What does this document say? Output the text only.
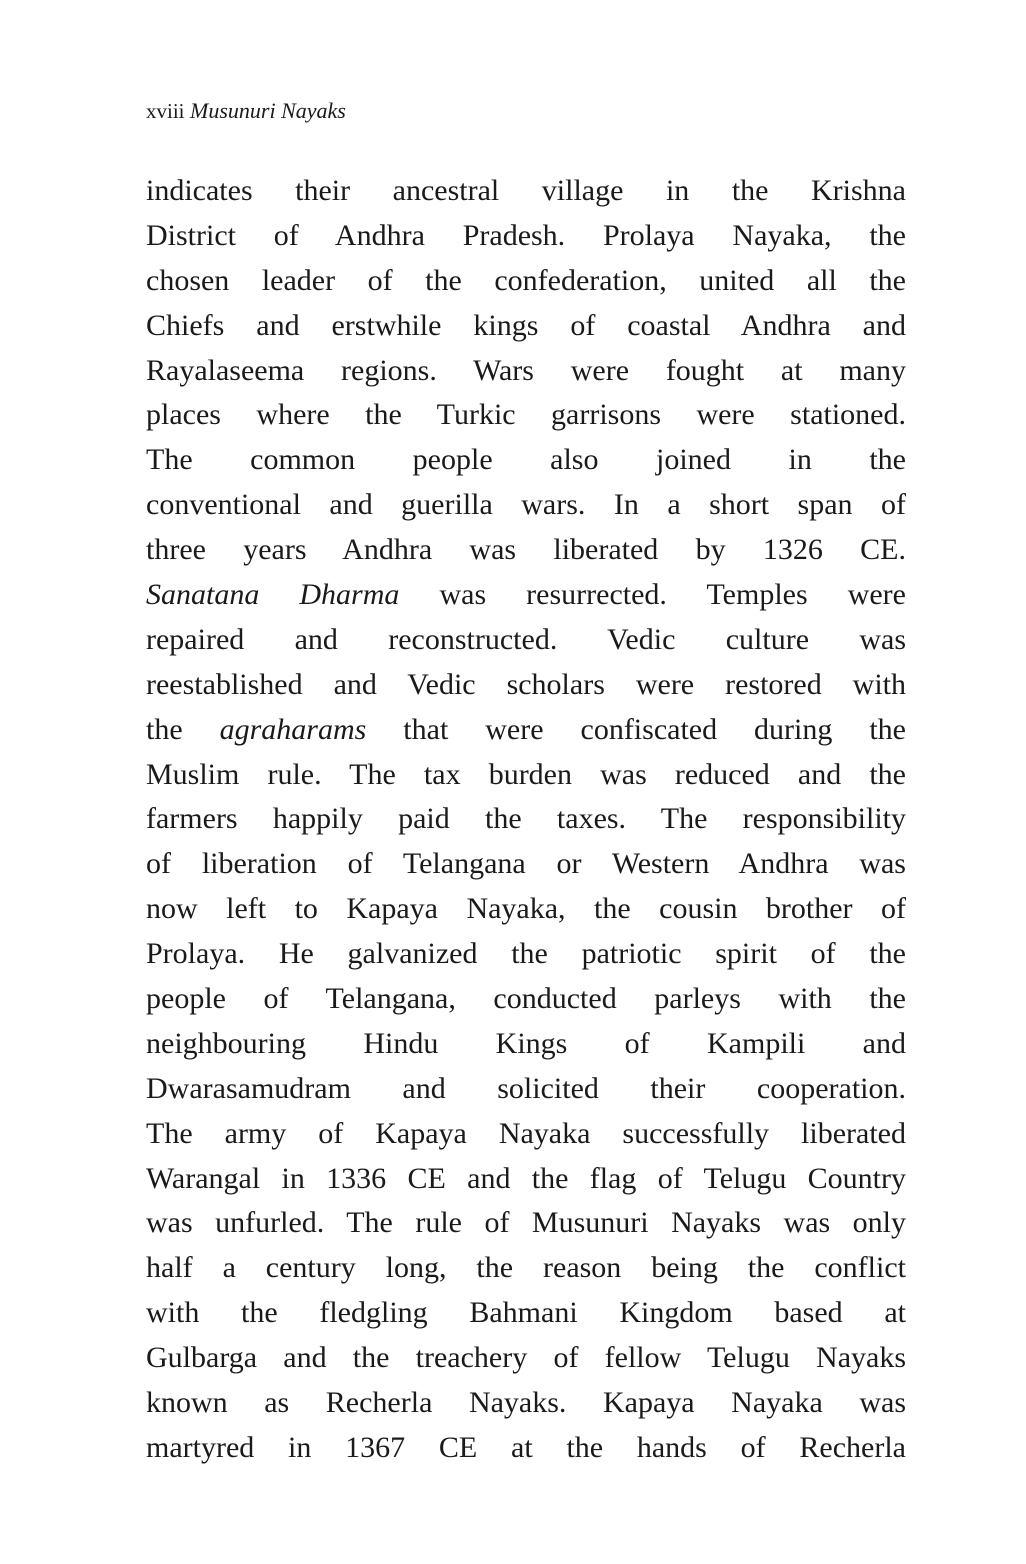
xviii Musunuri Nayaks
indicates their ancestral village in the Krishna
District of Andhra Pradesh. Prolaya Nayaka, the
chosen leader of the confederation, united all the
Chiefs and erstwhile kings of coastal Andhra and
Rayalaseema regions. Wars were fought at many
places where the Turkic garrisons were stationed.
The common people also joined in the
conventional and guerilla wars. In a short span of
three years Andhra was liberated by 1326 CE.
Sanatana Dharma was resurrected. Temples were
repaired and reconstructed. Vedic culture was
reestablished and Vedic scholars were restored with
the agraharams that were confiscated during the
Muslim rule. The tax burden was reduced and the
farmers happily paid the taxes. The responsibility
of liberation of Telangana or Western Andhra was
now left to Kapaya Nayaka, the cousin brother of
Prolaya. He galvanized the patriotic spirit of the
people of Telangana, conducted parleys with the
neighbouring Hindu Kings of Kampili and
Dwarasamudram and solicited their cooperation.
The army of Kapaya Nayaka successfully liberated
Warangal in 1336 CE and the flag of Telugu Country
was unfurled. The rule of Musunuri Nayaks was only
half a century long, the reason being the conflict
with the fledgling Bahmani Kingdom based at
Gulbarga and the treachery of fellow Telugu Nayaks
known as Recherla Nayaks. Kapaya Nayaka was
martyred in 1367 CE at the hands of Recherla
